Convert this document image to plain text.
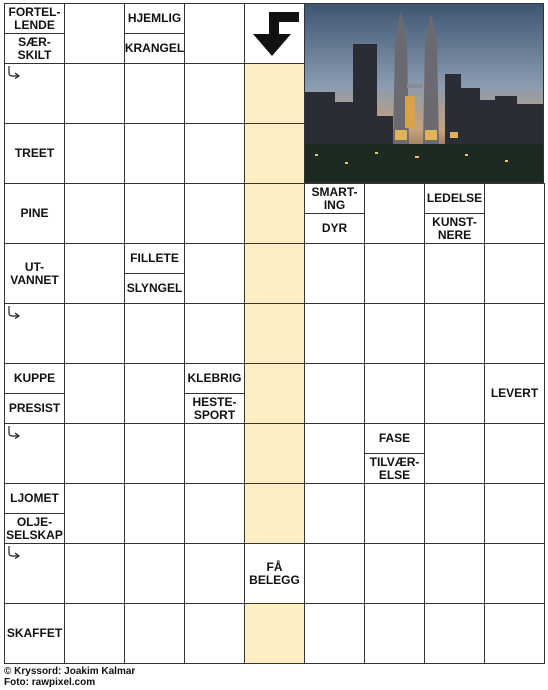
FORTEL-
LENDE
SÆR-
SKILT
HJEMLIG
KRANGEL
TREET
PINE
SMART-
ING
DYR
LEDELSE
KUNST-
NERE
UT-
VANNET
FILLETE
SLYNGEL
KUPPE
PRESIST
KLEBRIG
HESTE-
SPORT
LEVERT
FASE
TILVÆR-
ELSE
LJOMET
OLJE-
SELSKAP
FÅ
BELEGG
SKAFFET
© Kryssord: Joakim Kalmar
Foto: rawpixel.com
